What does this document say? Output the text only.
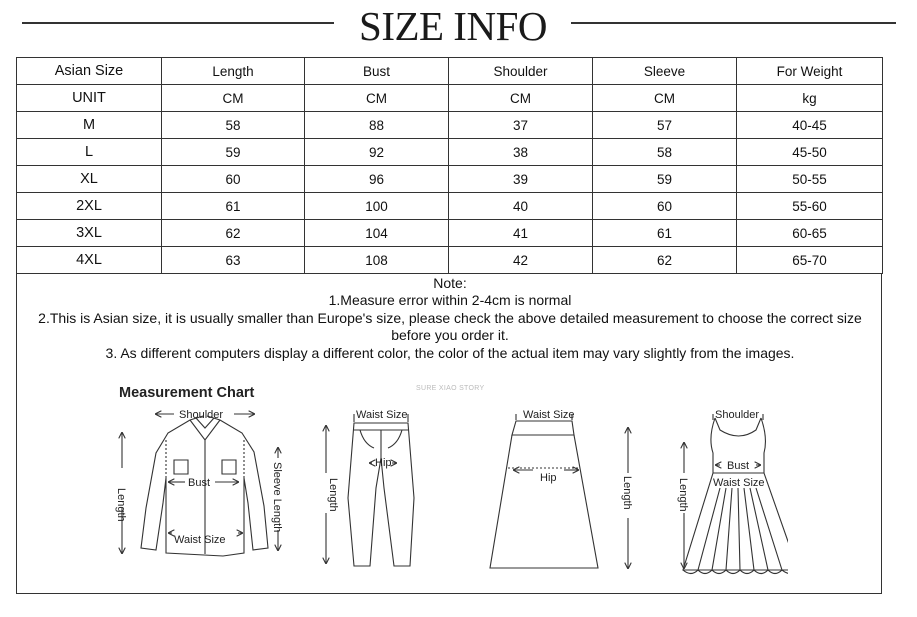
SIZE INFO
Asian Size	Length	Bust	Shoulder	Sleeve	For Weight
UNIT	CM	CM	CM	CM	kg
M	58	88	37	57	40-45
L	59	92	38	58	45-50
XL	60	96	39	59	50-55
2XL	61	100	40	60	55-60
3XL	62	104	41	61	60-65
4XL	63	108	42	62	65-70
Note:
1.Measure error within 2-4cm is normal
2.This is Asian size, it is usually smaller than Europe's size, please check the above detailed measurement to choose the correct size
before you order it.
3. As different computers display a different color, the color of the actual item may vary slightly from the images.
Shoulder
Bust
Waist Size
Length	Sleeve Length
Waist Size
Hip
Length
Waist Size
Hip	Length
Shoulder
Bust
Waist Size
Length
Measurement Chart	SURE XIAO STORY
